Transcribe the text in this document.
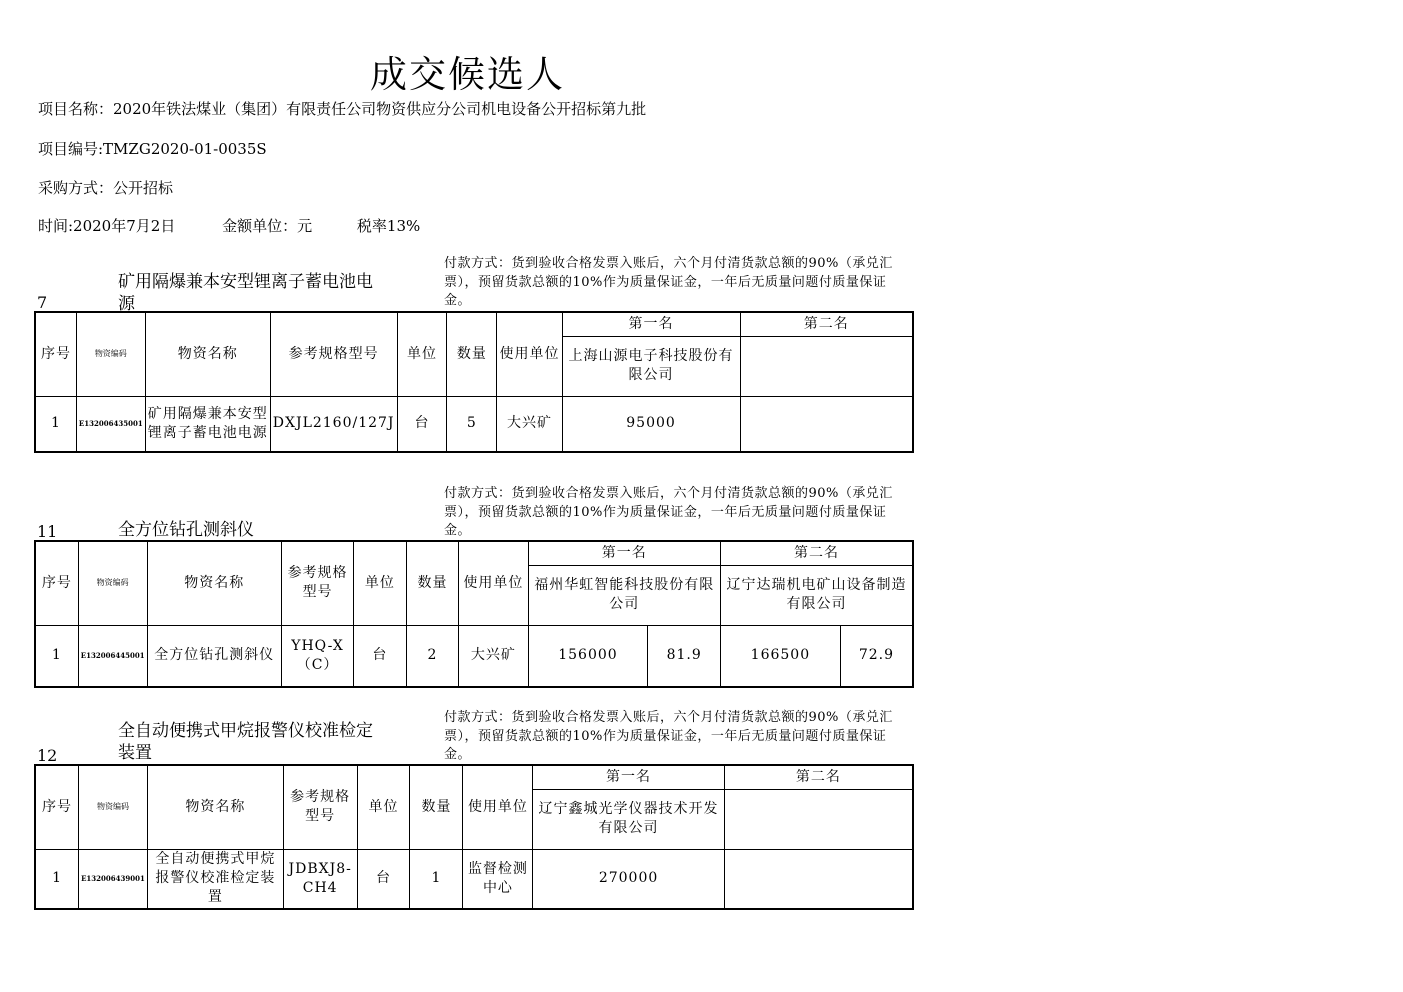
成交候选人
项目名称：2020年铁法煤业（集团）有限责任公司物资供应分公司机电设备公开招标第九批
项目编号:TMZG2020-01-0035S
采购方式：公开招标
时间:2020年7月2日	金额单位：元	税率13%
7
矿用隔爆兼本安型锂离子蓄电池电源
付款方式：货到验收合格发票入账后，六个月付清货款总额的90%（承兑汇票），预留货款总额的10%作为质量保证金，一年后无质量问题付质量保证金。
序号	物资编码	物资名称	参考规格型号	单位	数量	使用单位	第一名	第二名
							上海山源电子科技股份有限公司	
1	E132006435001	矿用隔爆兼本安型锂离子蓄电池电源	DXJL2160/127J	台	5	大兴矿	95000	
11	全方位钻孔测斜仪
付款方式：货到验收合格发票入账后，六个月付清货款总额的90%（承兑汇票），预留货款总额的10%作为质量保证金，一年后无质量问题付质量保证金。
序号	物资编码	物资名称	参考规格型号	单位	数量	使用单位	第一名		第二名	
							福州华虹智能科技股份有限公司		辽宁达瑞机电矿山设备制造有限公司	
1	E132006445001	全方位钻孔测斜仪	YHQ-X（C）	台	2	大兴矿	156000	81.9	166500	72.9
12
全自动便携式甲烷报警仪校准检定装置
付款方式：货到验收合格发票入账后，六个月付清货款总额的90%（承兑汇票），预留货款总额的10%作为质量保证金，一年后无质量问题付质量保证金。
序号	物资编码	物资名称	参考规格型号	单位	数量	使用单位	第一名	第二名
							辽宁鑫城光学仪器技术开发有限公司	
1	E132006439001	全自动便携式甲烷报警仪校准检定装置	JDBXJ8-CH4	台	1	监督检测中心	270000	
